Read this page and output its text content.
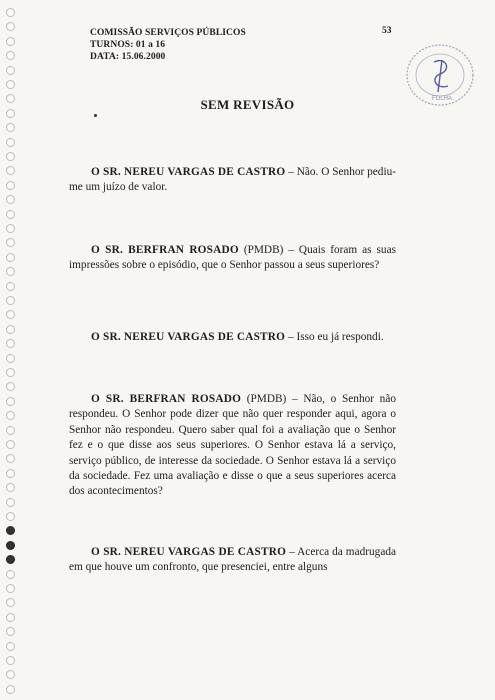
COMISSÃO SERVIÇOS PÚBLICOS
TURNOS: 01 a 16
DATA: 15.06.2000
53
FOLHA
SEM REVISÃO

O SR. NEREU VARGAS DE CASTRO – Não. O Senhor pediu-me um juízo de valor.

O SR. BERFRAN ROSADO (PMDB) – Quais foram as suas impressões sobre o episódio, que o Senhor passou a seus superiores?

O SR. NEREU VARGAS DE CASTRO – Isso eu já respondi.

O SR. BERFRAN ROSADO (PMDB) – Não, o Senhor não respondeu. O Senhor pode dizer que não quer responder aqui, agora o Senhor não respondeu. Quero saber qual foi a avaliação que o Senhor fez e o que disse aos seus superiores. O Senhor estava lá a serviço, serviço público, de interesse da sociedade. O Senhor estava lá a serviço da sociedade. Fez uma avaliação e disse o que a seus superiores acerca dos acontecimentos?

O SR. NEREU VARGAS DE CASTRO – Acerca da madrugada em que houve um confronto, que presenciei, entre alguns
